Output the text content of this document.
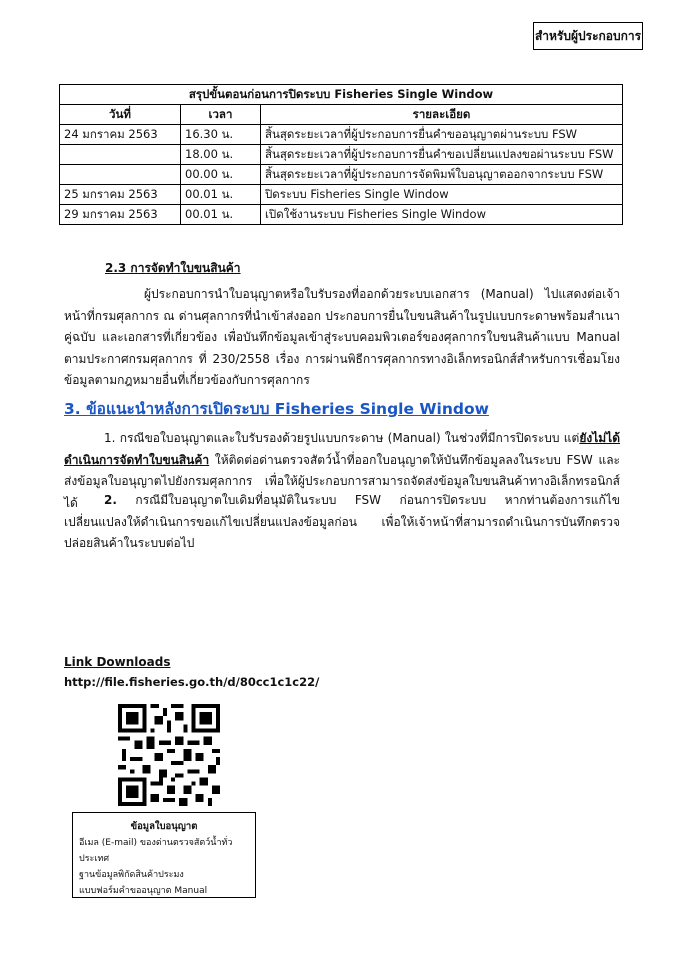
สำหรับผู้ประกอบการ
สรุปขั้นตอนก่อนการปิดระบบ Fisheries Single Window		
วันที่	เวลา	รายละเอียด
24 มกราคม 2563	16.30 น.	สิ้นสุดระยะเวลาที่ผู้ประกอบการยื่นคำขออนุญาตผ่านระบบ FSW
	18.00 น.	สิ้นสุดระยะเวลาที่ผู้ประกอบการยื่นคำขอเปลี่ยนแปลงขอผ่านระบบ FSW
	00.00 น.	สิ้นสุดระยะเวลาที่ผู้ประกอบการจัดพิมพ์ใบอนุญาตออกจากระบบ FSW
25 มกราคม 2563	00.01 น.	ปิดระบบ Fisheries Single Window
29 มกราคม 2563	00.01 น.	เปิดใช้งานระบบ Fisheries Single Window
2.3 การจัดทำใบขนสินค้า
ผู้ประกอบการนำใบอนุญาตหรือใบรับรองที่ออกด้วยระบบเอกสาร (Manual) ไปแสดงต่อเจ้าหน้าที่กรมศุลกากร ณ ด่านศุลกากรที่นำเข้าส่งออก ประกอบการยื่นใบขนสินค้าในรูปแบบกระดาษพร้อมสำเนาคู่ฉบับ และเอกสารที่เกี่ยวข้อง เพื่อบันทึกข้อมูลเข้าสู่ระบบคอมพิวเตอร์ของศุลกากรใบขนสินค้าแบบ Manual ตามประกาศกรมศุลกากร ที่ 230/2558 เรื่อง การผ่านพิธีการศุลกากรทางอิเล็กทรอนิกส์สำหรับการเชื่อมโยงข้อมูลตามกฎหมายอื่นที่เกี่ยวข้องกับการศุลกากร
3. ข้อแนะนำหลังการเปิดระบบ Fisheries Single Window
1. กรณีขอใบอนุญาตและใบรับรองด้วยรูปแบบกระดาษ (Manual) ในช่วงที่มีการปิดระบบ แต่ยังไม่ได้ดำเนินการจัดทำใบขนสินค้า ให้ติดต่อด่านตรวจสัตว์น้ำที่ออกใบอนุญาตให้บันทึกข้อมูลลงในระบบ FSW และส่งข้อมูลใบอนุญาตไปยังกรมศุลกากร เพื่อให้ผู้ประกอบการสามารถจัดส่งข้อมูลใบขนสินค้าทางอิเล็กทรอนิกส์ได้	2. กรณีมีใบอนุญาตใบเดิมที่อนุมัติในระบบ FSW ก่อนการปิดระบบ หากท่านต้องการแก้ไขเปลี่ยนแปลงให้ดำเนินการขอแก้ไขเปลี่ยนแปลงข้อมูลก่อน เพื่อให้เจ้าหน้าที่สามารถดำเนินการบันทึกตรวจปล่อยสินค้าในระบบต่อไป
Link Downloads
http://file.fisheries.go.th/d/80cc1c1c22/
ข้อมูลใบอนุญาต
อีเมล (E-mail) ของด่านตรวจสัตว์น้ำทั่วประเทศ
ฐานข้อมูลพิกัดสินค้าประมง
แบบฟอร์มคำขออนุญาต Manual
